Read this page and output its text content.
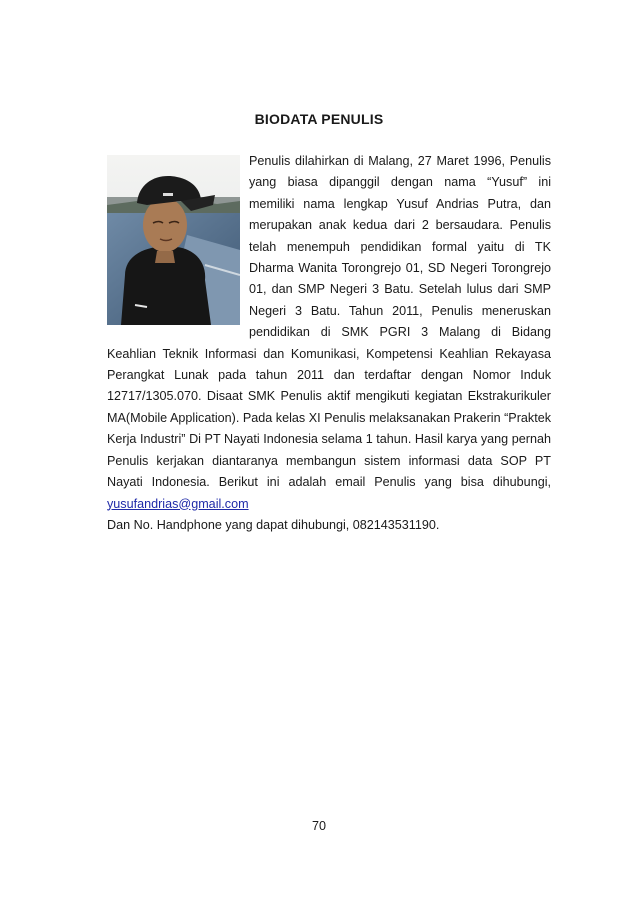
BIODATA PENULIS
Penulis dilahirkan di Malang, 27 Maret 1996, Penulis yang biasa dipanggil dengan nama “Yusuf” ini memiliki nama lengkap Yusuf Andrias Putra, dan merupakan anak kedua dari 2 bersaudara. Penulis telah menempuh pendidikan formal yaitu di TK Dharma Wanita Torongrejo 01, SD Negeri Torongrejo 01, dan SMP Negeri 3 Batu. Setelah lulus dari SMP Negeri 3 Batu. Tahun 2011, Penulis meneruskan pendidikan di SMK PGRI 3 Malang di Bidang Keahlian Teknik Informasi dan Komunikasi, Kompetensi Keahlian Rekayasa Perangkat Lunak pada tahun 2011 dan terdaftar dengan Nomor Induk 12717/1305.070. Disaat SMK Penulis aktif mengikuti kegiatan Ekstrakurikuler MA(Mobile Application). Pada kelas XI Penulis melaksanakan Prakerin “Praktek Kerja Industri” Di PT Nayati Indonesia selama 1 tahun. Hasil karya yang pernah Penulis kerjakan diantaranya membangun sistem informasi data SOP PT Nayati Indonesia. Berikut ini adalah email Penulis yang bisa dihubungi, yusufandrias@gmail.com
Dan No. Handphone yang dapat dihubungi, 082143531190.
70
